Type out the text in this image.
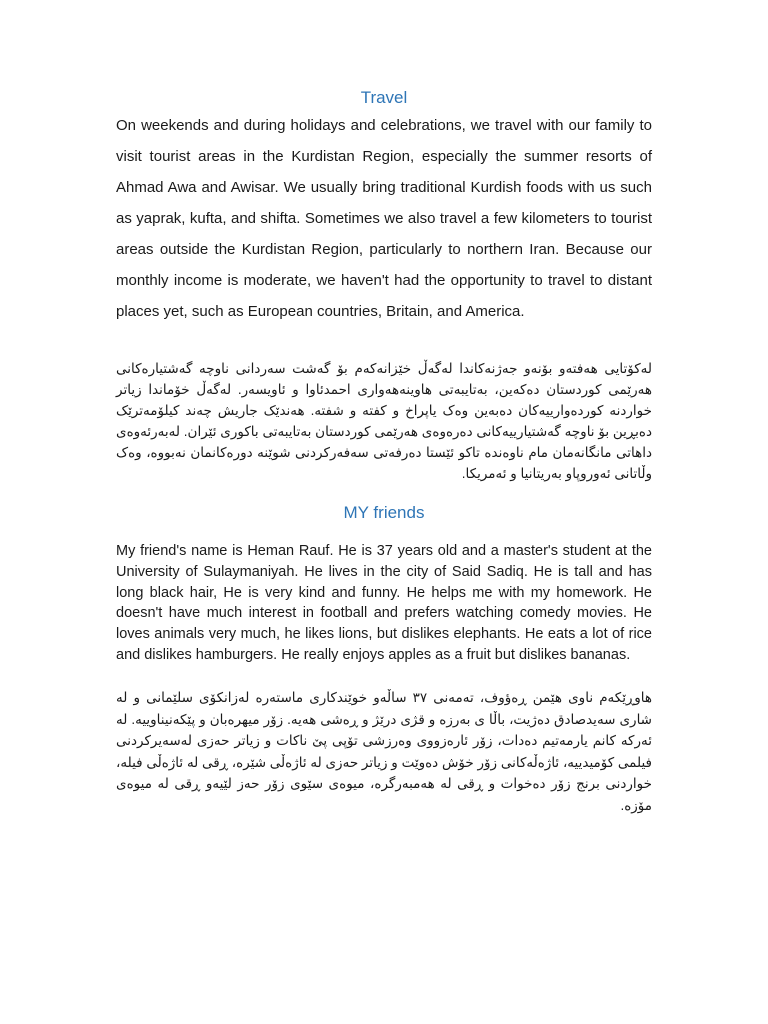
Travel

On weekends and during holidays and celebrations, we travel with our family to visit tourist areas in the Kurdistan Region, especially the summer resorts of Ahmad Awa and Awisar. We usually bring traditional Kurdish foods with us such as yaprak, kufta, and shifta. Sometimes we also travel a few kilometers to tourist areas outside the Kurdistan Region, particularly to northern Iran. Because our monthly income is moderate, we haven't had the opportunity to travel to distant places yet, such as European countries, Britain, and America.

لەکۆتایی هەفتەو بۆنەو جەژنەکاندا لەگەڵ خێزانەکەم بۆ گەشت سەردانی ناوچە گەشتیارەکانی هەرێمی کوردستان دەکەین، بەتایبەتی هاوینەهەواری احمدئاوا و ئاویسەر. لەگەڵ خۆماندا زیاتر خواردنە کوردەوارییەکان دەبەین وەک یاپراخ و کفتە و شفتە. هەندێک جاریش چەند کیلۆمەترێک دەبڕین بۆ ناوچە گەشتیارییەکانی دەرەوەی هەرێمی کوردستان بەتایبەتی باکوری ئێران. لەبەرئەوەی داهاتی مانگانەمان مام ناوەندە تاکو ئێستا دەرفەتی سەفەرکردنی شوێنە دورەکانمان نەبووە، وەک وڵاتانی ئەوروپاو بەریتانیا و ئەمریکا.

MY friends

My friend's name is Heman Rauf. He is 37 years old and a master's student at the University of Sulaymaniyah. He lives in the city of Said Sadiq. He is tall and has long black hair, He is very kind and funny. He helps me with my homework. He doesn't have much interest in football and prefers watching comedy movies. He loves animals very much, he likes lions, but dislikes elephants. He eats a lot of rice and dislikes hamburgers. He really enjoys apples as a fruit but dislikes bananas.

هاوڕێکەم ناوی هێمن ڕەؤوف، تەمەنی ٣٧ ساڵەو خوێندکاری ماستەرە لەزانکۆی سلێمانی و لە شاری سەیدصادق دەژیت، باڵا ی بەرزە و قژی درێژ و ڕەشی هەیە. زۆر میهرەبان و پێکەنیناوییە. لە ئەرکە کانم یارمەتیم دەدات، زۆر ئارەزووی وەرزشی تۆپی پێ ناکات و زیاتر حەزی لەسەیرکردنی فیلمی کۆمیدییە، ئاژەڵەکانی زۆر خۆش دەوێت و زیاتر حەزی لە ئاژەڵی شێرە، ڕقی لە ئاژەڵی فیلە، خواردنی برنج زۆر دەخوات و ڕقی لە هەمبەرگرە، میوەی سێوی زۆر حەز لێیەو ڕقی لە میوەی مۆزە.
